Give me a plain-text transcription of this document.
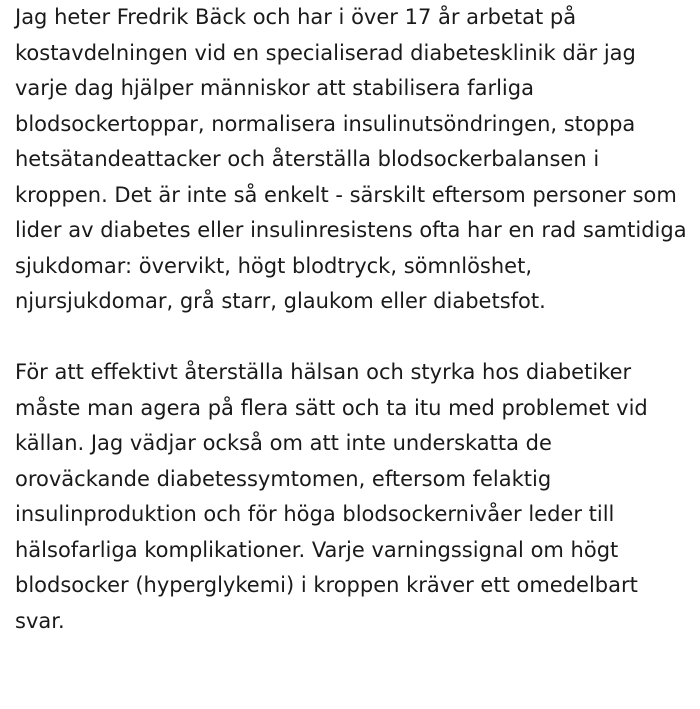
Jag heter Fredrik Bäck och har i över 17 år arbetat på kostavdelningen vid en specialiserad diabetesklinik där jag varje dag hjälper människor att stabilisera farliga blodsockertoppar, normalisera insulinutsöndringen, stoppa hetsätandeattacker och återställa blodsockerbalansen i kroppen. Det är inte så enkelt - särskilt eftersom personer som lider av diabetes eller insulinresistens ofta har en rad samtidiga sjukdomar: övervikt, högt blodtryck, sömnlöshet, njursjukdomar, grå starr, glaukom eller diabetsfot.

För att effektivt återställa hälsan och styrka hos diabetiker måste man agera på flera sätt och ta itu med problemet vid källan. Jag vädjar också om att inte underskatta de oroväckande diabetessymtomen, eftersom felaktig insulinproduktion och för höga blodsockernivåer leder till hälsofarliga komplikationer. Varje varningssignal om högt blodsocker (hyperglykemi) i kroppen kräver ett omedelbart svar.
